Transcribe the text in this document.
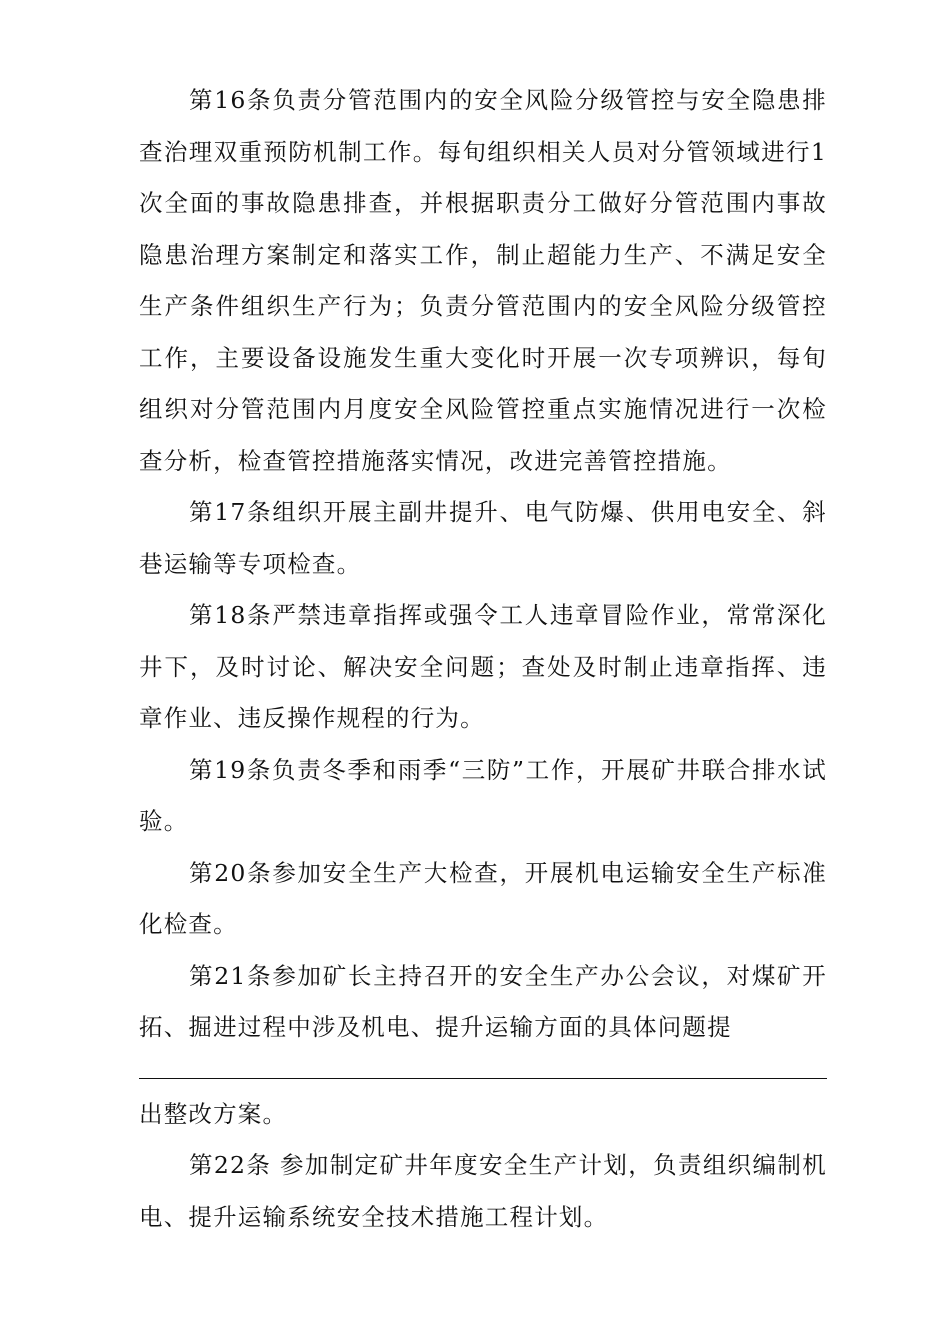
第16条负责分管范围内的安全风险分级管控与安全隐患排查治理双重预防机制工作。每旬组织相关人员对分管领域进行1次全面的事故隐患排查，并根据职责分工做好分管范围内事故隐患治理方案制定和落实工作，制止超能力生产、不满足安全生产条件组织生产行为；负责分管范围内的安全风险分级管控工作，主要设备设施发生重大变化时开展一次专项辨识，每旬组织对分管范围内月度安全风险管控重点实施情况进行一次检查分析，检查管控措施落实情况，改进完善管控措施。

第17条组织开展主副井提升、电气防爆、供用电安全、斜巷运输等专项检查。

第18条严禁违章指挥或强令工人违章冒险作业，常常深化井下，及时讨论、解决安全问题；查处及时制止违章指挥、违章作业、违反操作规程的行为。

第19条负责冬季和雨季“三防”工作，开展矿井联合排水试验。

第20条参加安全生产大检查，开展机电运输安全生产标准化检查。

第21条参加矿长主持召开的安全生产办公会议，对煤矿开拓、掘进过程中涉及机电、提升运输方面的具体问题提

出整改方案。

第22条 参加制定矿井年度安全生产计划，负责组织编制机电、提升运输系统安全技术措施工程计划。
